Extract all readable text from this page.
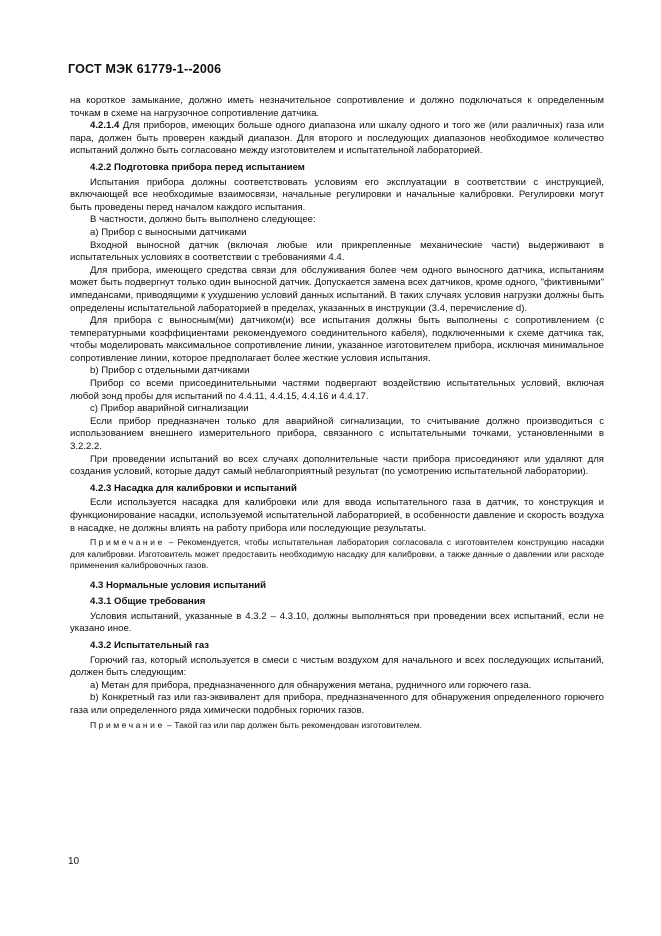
ГОСТ МЭК 61779-1--2006

на короткое замыкание, должно иметь незначительное сопротивление и должно подключаться к определенным точкам в схеме на нагрузочное сопротивление датчика.

4.2.1.4 Для приборов, имеющих больше одного диапазона или шкалу одного и того же (или различных) газа или пара, должен быть проверен каждый диапазон. Для второго и последующих диапазонов необходимое количество испытаний должно быть согласовано между изготовителем и испытательной лабораторией.

4.2.2 Подготовка прибора перед испытанием

Испытания прибора должны соответствовать условиям его эксплуатации в соответствии с инструкцией, включающей все необходимые взаимосвязи, начальные регулировки и начальные калибровки. Регулировки могут быть проведены перед началом каждого испытания.

В частности, должно быть выполнено следующее:

а) Прибор с выносными датчиками

Входной выносной датчик (включая любые или прикрепленные механические части) выдерживают в испытательных условиях в соответствии с требованиями 4.4.

Для прибора, имеющего средства связи для обслуживания более чем одного выносного датчика, испытаниям может быть подвергнут только один выносной датчик. Допускается замена всех датчиков, кроме одного, "фиктивными" импедансами, приводящими к ухудшению условий данных испытаний. В таких случаях условия нагрузки должны быть определены испытательной лабораторией в пределах, указанных в инструкции (3.4, перечисление d).

Для прибора с выносным(ми) датчиком(и) все испытания должны быть выполнены с сопротивлением (с температурными коэффициентами рекомендуемого соединительного кабеля), подключенными к схеме датчика так, чтобы моделировать максимальное сопротивление линии, указанное изготовителем прибора, исключая минимальное сопротивление линии, которое предполагает более жесткие условия испытания.

b) Прибор с отдельными датчиками

Прибор со всеми присоединительными частями подвергают воздействию испытательных условий, включая любой зонд пробы для испытаний по 4.4.11, 4.4.15, 4.4.16 и 4.4.17.

с) Прибор аварийной сигнализации

Если прибор предназначен только для аварийной сигнализации, то считывание должно производиться с использованием внешнего измерительного прибора, связанного с испытательными точками, установленными в 3.2.2.2.

При проведении испытаний во всех случаях дополнительные части прибора присоединяют или удаляют для создания условий, которые дадут самый неблагоприятный результат (по усмотрению испытательной лаборатории).

4.2.3 Насадка для калибровки и испытаний

Если используется насадка для калибровки или для ввода испытательного газа в датчик, то конструкция и функционирование насадки, используемой испытательной лабораторией, в особенности давление и скорость воздуха в насадке, не должны влиять на работу прибора или последующие результаты.

Примечание – Рекомендуется, чтобы испытательная лаборатория согласовала с изготовителем конструкцию насадки для калибровки. Изготовитель может предоставить необходимую насадку для калибровки, а также данные о давлении или расходе применения калибровочных газов.

4.3 Нормальные условия испытаний

4.3.1 Общие требования

Условия испытаний, указанные в 4.3.2 – 4.3.10, должны выполняться при проведении всех испытаний, если не указано иное.

4.3.2 Испытательный газ

Горючий газ, который используется в смеси с чистым воздухом для начального и всех последующих испытаний, должен быть следующим:

а) Метан для прибора, предназначенного для обнаружения метана, рудничного или горючего газа.

b) Конкретный газ или газ-эквивалент для прибора, предназначенного для обнаружения определенного горючего газа или определенного ряда химически подобных горючих газов.

Примечание – Такой газ или пар должен быть рекомендован изготовителем.

10
